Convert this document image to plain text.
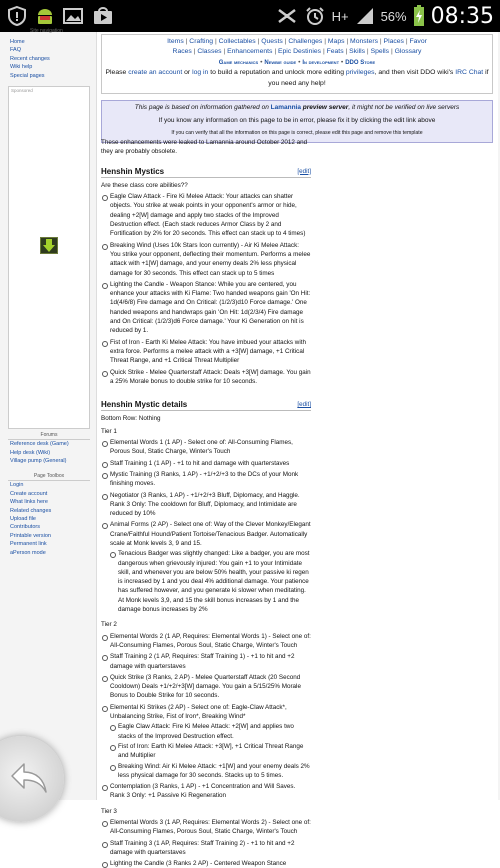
H+ 56% 08:35
Site navigation
Home
FAQ
Recent changes
Wiki help
Special pages
Sponsored
Forums
Reference desk (Game)
Help desk (Wiki)
Village pump (General)
Page Toolbox
Login
Create account
What links here
Related changes
Upload file
Contributors
Printable version
Permanent link
aPerson mode
Items | Crafting | Collectables | Quests | Challenges | Maps | Monsters | Places | Favor
Races | Classes | Enhancements | Epic Destinies | Feats | Skills | Spells | Glossary
Game mechanics • Newbie guide • In development • DDO Store
Please create an account or log in to build a reputation and unlock more editing privileges, and then visit DDO wiki's IRC Chat if you need any help!
This page is based on information gathered on Lamannia preview server, it might not be verified on live servers
If you know any information on this page to be in error, please fix it by clicking the edit link above
If you can verify that all the information on this page is correct, please edit this page and remove this template
These enhancements were leaked to Lamannia around October 2012 and they are probably obsolete.
Henshin Mystics	[edit]
Are these class core abilities??
Eagle Claw Attack - Fire Ki Melee Attack: Your attacks can shatter objects. You strike at weak points in your opponent's armor or hide, dealing +2[W] damage and apply two stacks of the Improved Destruction effect. (Each stack reduces Armor Class by 2 and Fortification by 2% for 20 seconds. This effect can stack up to 4 times)
Breaking Wind (Uses 10k Stars Icon currently) - Air Ki Melee Attack: You strike your opponent, deflecting their momentum. Performs a melee attack with +1[W] damage, and your enemy deals 2% less physical damage for 30 seconds. This effect can stack up to 5 times
Lighting the Candle - Weapon Stance: While you are centered, you enhance your attacks with Ki Flame: Two handed weapons gain 'On Hit: 1d(4/6/8) Fire damage and On Critical: (1/2/3)d10 Force damage.' One handed weapons and handwraps gain 'On Hit: 1d(2/3/4) Fire damage and On Critical: (1/2/3)d6 Force damage.' Your Ki Generation on hit is reduced by 1.
Fist of Iron - Earth Ki Melee Attack: You have imbued your attacks with extra force. Performs a melee attack with a +3[W] damage, +1 Critical Threat Range, and +1 Critical Threat Multiplier
Quick Strike - Melee Quarterstaff Attack: Deals +3[W] damage. You gain a 25% Morale bonus to double strike for 10 seconds.
Henshin Mystic details	[edit]
Bottom Row: Nothing
Tier 1
Elemental Words 1 (1 AP) - Select one of: All-Consuming Flames, Porous Soul, Static Charge, Winter's Touch
Staff Training 1 (1 AP) - +1 to hit and damage with quarterstaves
Mystic Training (3 Ranks, 1 AP) - +1/+2/+3 to the DCs of your Monk finishing moves.
Negotiator (3 Ranks, 1 AP) - +1/+2/+3 Bluff, Diplomacy, and Haggle. Rank 3 Only: The cooldown for Bluff, Diplomacy, and Intimidate are reduced by 10%
Animal Forms (2 AP) - Select one of: Way of the Clever Monkey/Elegant Crane/Faithful Hound/Patient Tortoise/Tenacious Badger. Automatically scale at Monk levels 3, 9 and 15.
Tenacious Badger was slightly changed: Like a badger, you are most dangerous when grievously injured: You gain +1 to your Intimidate skill, and whenever you are below 50% health, your passive ki regen is increased by 1 and you deal 4% additional damage. Your patience has suffered however, and you generate ki slower when meditating. At Monk levels 3,9, and 15 the skill bonus increases by 1 and the damage bonus increases by 2%
Tier 2
Elemental Words 2 (1 AP, Requires: Elemental Words 1) - Select one of: All-Consuming Flames, Porous Soul, Static Charge, Winter's Touch
Staff Training 2 (1 AP, Requires: Staff Training 1) - +1 to hit and +2 damage with quarterstaves
Quick Strike (3 Ranks, 2 AP) - Melee Quarterstaff Attack (20 Second Cooldown) Deals +1/+2/+3[W] damage. You gain a 5/15/25% Morale Bonus to Double Strike for 10 seconds.
Elemental Ki Strikes (2 AP) - Select one of: Eagle-Claw Attack*, Unbalancing Strike, Fist of Iron*, Breaking Wind*
Eagle Claw Attack: Fire Ki Melee Attack: +2[W] and applies two stacks of the Improved Destruction effect.
Fist of Iron: Earth Ki Melee Attack: +3[W], +1 Critical Threat Range and Multiplier
Breaking Wind: Air Ki Melee Attack: +1[W] and your enemy deals 2% less physical damage for 30 seconds. Stacks up to 5 times.
Contemplation (3 Ranks, 1 AP) - +1 Concentration and Will Saves. Rank 3 Only: +1 Passive Ki Regeneration
Tier 3
Elemental Words 3 (1 AP, Requires: Elemental Words 2) - Select one of: All-Consuming Flames, Porous Soul, Static Charge, Winter's Touch
Staff Training 3 (1 AP, Requires: Staff Training 2) - +1 to hit and +2 damage with quarterstaves
Lighting the Candle (3 Ranks 2 AP) - Centered Weapon Stance
